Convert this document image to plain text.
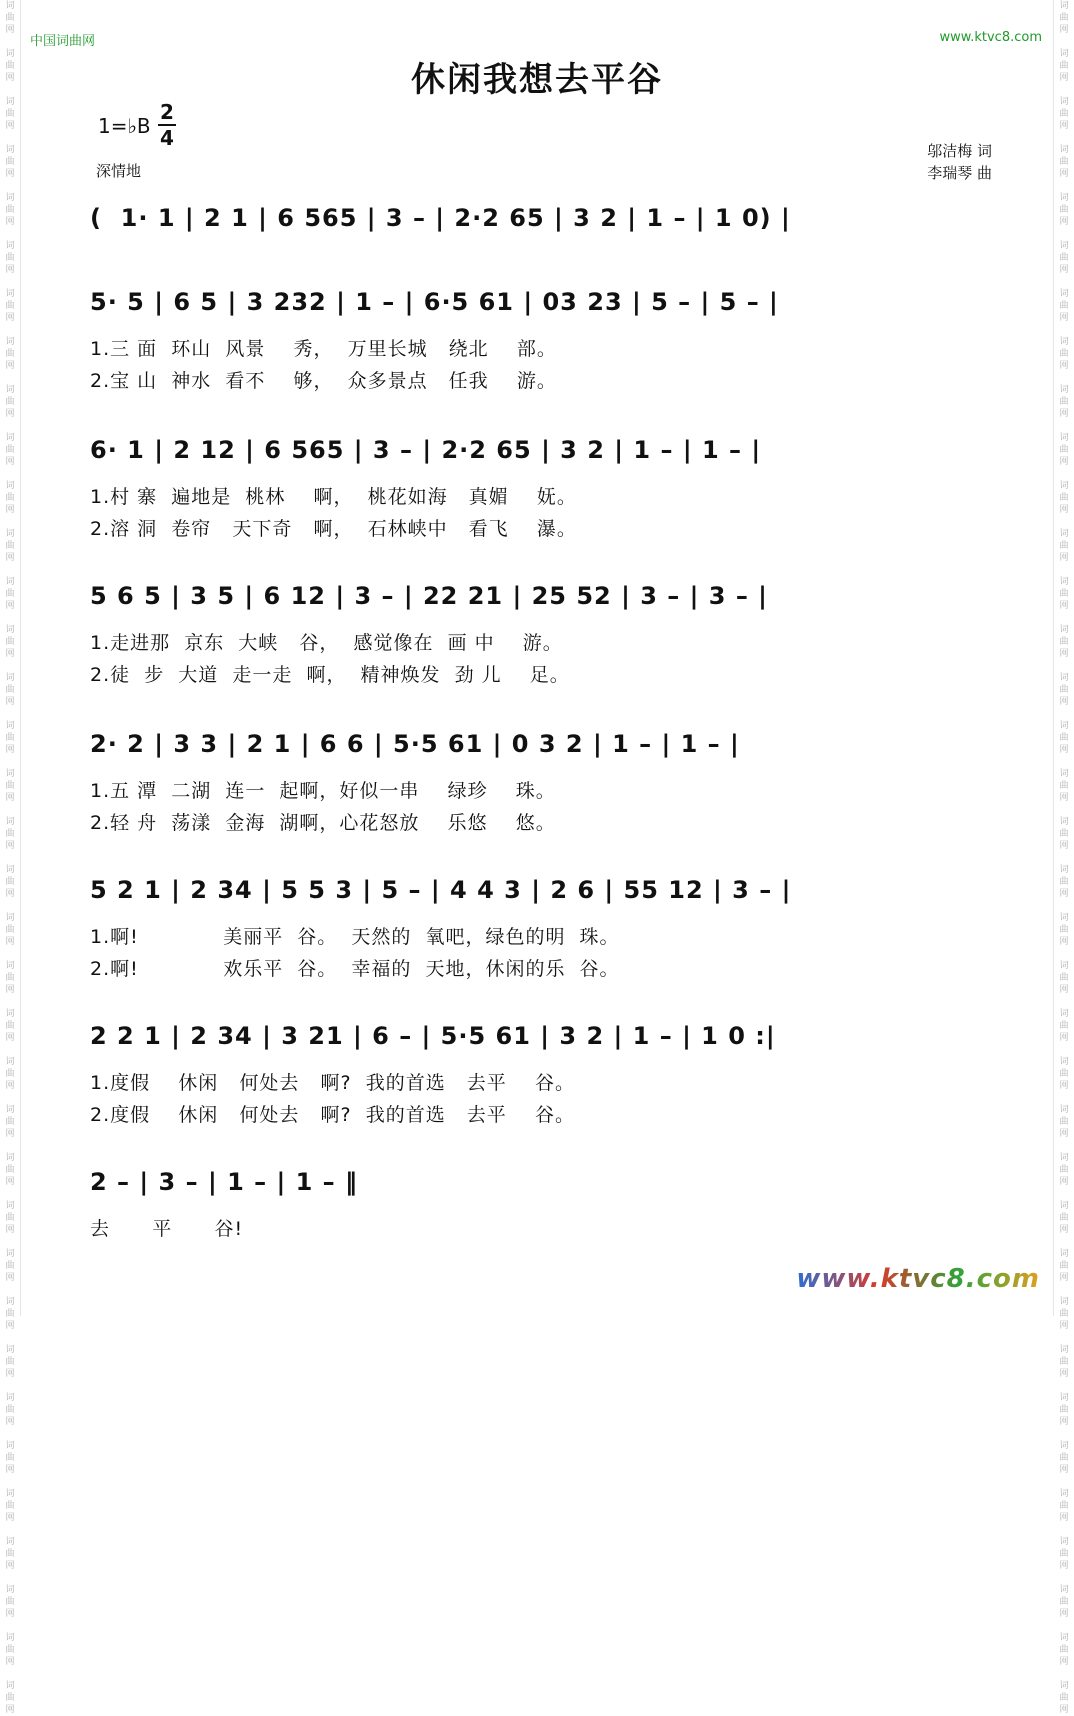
词
曲
网

词
曲
网

词
曲
网

词
曲
网

词
曲
网

词
曲
网

词
曲
网

词
曲
网

词
曲
网

词
曲
网

词
曲
网

词
曲
网

词
曲
网

词
曲
网

词
曲
网

词
曲
网

词
曲
网

词
曲
网

词
曲
网

词
曲
网

词
曲
网

词
曲
网

词
曲
网

词
曲
网

词
曲
网

词
曲
网

词
曲
网

词
曲
网

词
曲
网

词
曲
网

词
曲
网

词
曲
网

词
曲
网

词
曲
网

词
曲
网

词
曲
网

词
曲
网

词
曲
网

词
曲
网

词
曲
网

词
曲
网

词
曲
网

词
曲
网

词
曲
网

词
曲
网

词
曲
网

词
曲
网

词
曲
网

词
曲
网

词
曲
网

词
曲
网

词
曲
网

词
曲
网

词
曲
网

词
曲
网

词
曲
网

词
曲
网

词
曲
网

词
曲
网

词
曲
网

词
曲
网

词
曲
网

词
曲
网

词
曲
网

词
曲
网

词
曲
网

词
曲
网

词
曲
网

词
曲
网

词
曲
网

词
曲
网

词
曲
网

中国词曲网	www.ktvc8.com
休闲我想去平谷
1=♭B
2
4
深情地
邬洁梅 词
李瑞琴 曲
(  1· 1 | 2 1 | 6 565 | 3 – | 2·2 65 | 3 2 | 1 – | 1 0) |
5· 5 | 6 5 | 3 232 | 1 – | 6·5 61 | 03 23 | 5 – | 5 – |
1.三 面  环山  风景    秀，  万里长城   绕北    部。
2.宝 山  神水  看不    够，  众多景点   任我    游。
6· 1 | 2 12 | 6 565 | 3 – | 2·2 65 | 3 2 | 1 – | 1 – |
1.村 寨  遍地是  桃林    啊，  桃花如海   真媚    妩。
2.溶 洞  卷帘   天下奇   啊，  石林峡中   看飞    瀑。
5 6 5 | 3 5 | 6 12 | 3 – | 22 21 | 25 52 | 3 – | 3 – |
1.走进那  京东  大峡   谷，  感觉像在  画 中    游。
2.徒  步  大道  走一走  啊，  精神焕发  劲 儿    足。
2· 2 | 3 3 | 2 1 | 6 6 | 5·5 61 | 0 3 2 | 1 – | 1 – |
1.五 潭  二湖  连一  起啊，好似一串    绿珍    珠。
2.轻 舟  荡漾  金海  湖啊，心花怒放    乐悠    悠。
5 2 1 | 2 34 | 5 5 3 | 5 – | 4 4 3 | 2 6 | 55 12 | 3 – |
1.啊!            美丽平  谷。  天然的  氧吧，绿色的明  珠。
2.啊!            欢乐平  谷。  幸福的  天地，休闲的乐  谷。
2 2 1 | 2 34 | 3 21 | 6 – | 5·5 61 | 3 2 | 1 – | 1 0 :|
1.度假    休闲   何处去   啊?  我的首选   去平    谷。
2.度假    休闲   何处去   啊?  我的首选   去平    谷。
2 – | 3 – | 1 – | 1 – ‖
去      平      谷!
www.ktvc8.com
